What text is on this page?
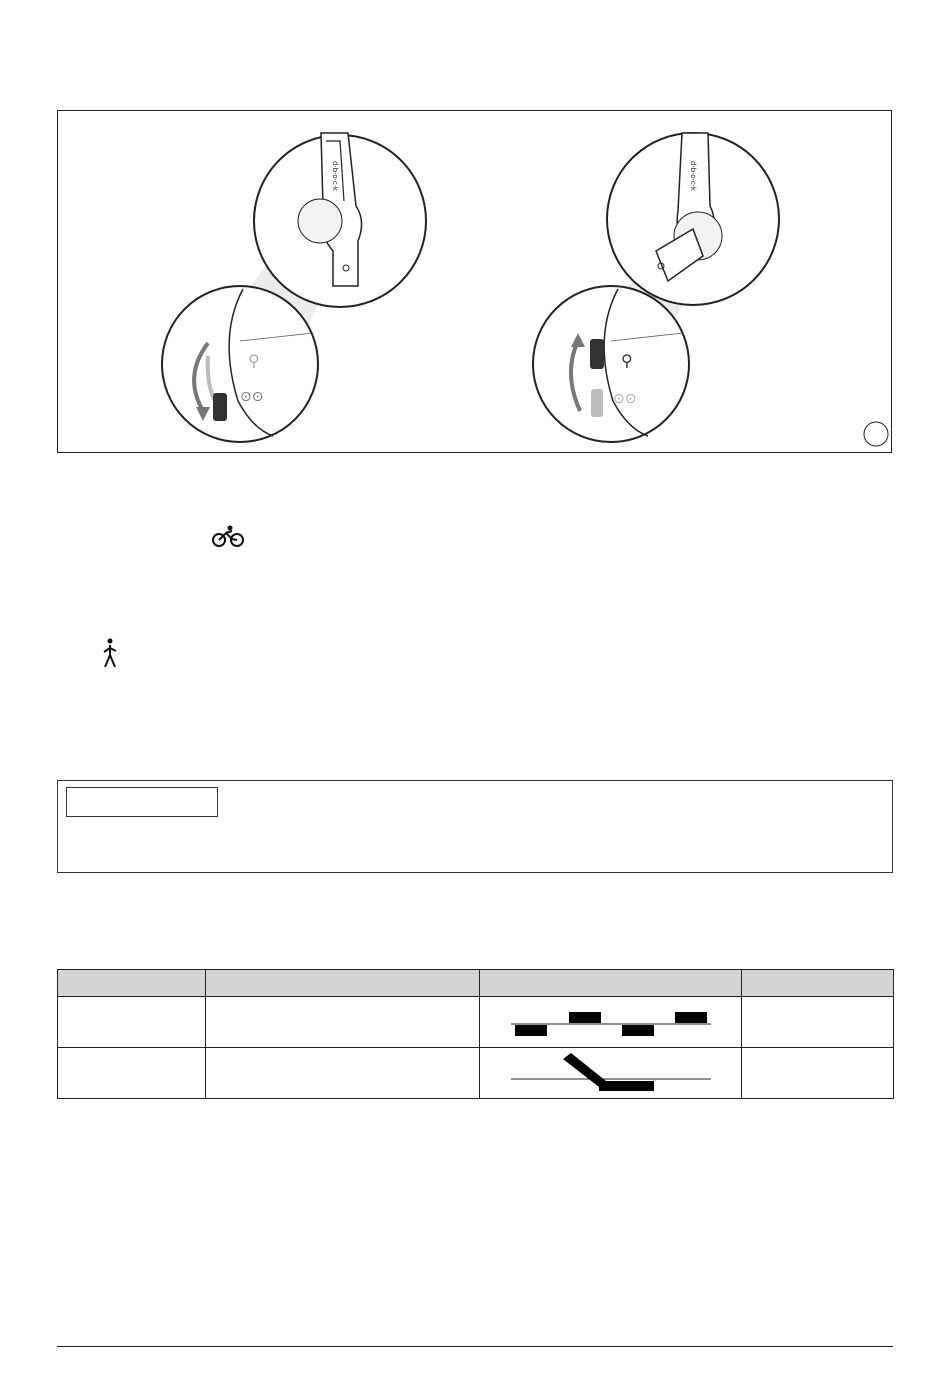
d·b·o·c·k
⚲
⊙⊙
d·b·o·c·k
⚲
⊙⊙
